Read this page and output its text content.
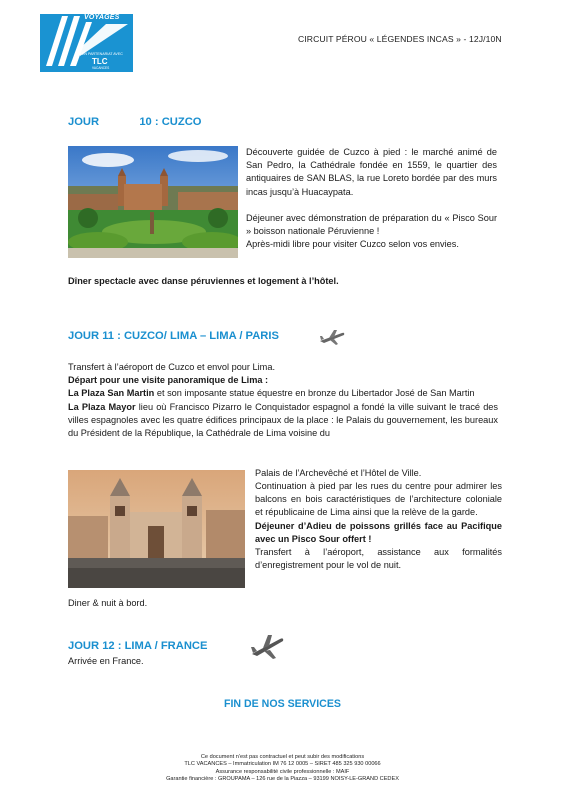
VOYAGES
EN PARTENARIAT AVEC
TLC
VACANCES
CIRCUIT PÉROU « LÉGENDES INCAS » - 12J/10N
JOUR	10 : CUZCO

Découverte guidée de Cuzco à pied : le marché animé de San Pedro, la Cathédrale fondée en 1559, le quartier des antiquaires de SAN BLAS, la rue Loreto bordée par des murs incas jusqu’à Huacaypata.

Déjeuner avec démonstration de préparation du « Pisco Sour » boisson nationale Péruvienne !

Après-midi libre pour visiter Cuzco selon vos envies.

Dîner spectacle avec danse péruviennes et logement à l’hôtel.
JOUR 11 : CUZCO/ LIMA – LIMA / PARIS

Transfert à l’aéroport de Cuzco et envol pour Lima.

Départ pour une visite panoramique de Lima :

La Plaza San Martin et son imposante statue équestre en bronze du Libertador José de San Martin

La Plaza Mayor lieu où Francisco Pizarro le Conquistador espagnol a fondé la ville suivant le tracé des villes espagnoles avec les quatre édifices principaux de la place : le Palais du gouvernement, les bureaux du Président de la République, la Cathédrale de Lima voisine du

Palais de l’Archevêché et l’Hôtel de Ville.

Continuation à pied par les rues du centre pour admirer les balcons en bois caractéristiques de l’architecture coloniale et républicaine de Lima ainsi que la relève de la garde.

Déjeuner d’Adieu de poissons grillés face au Pacifique avec un Pisco Sour offert !

Transfert à l’aéroport, assistance aux formalités d’enregistrement pour le vol de nuit.

Diner & nuit à bord.
JOUR 12 : LIMA / FRANCE
Arrivée en France.
FIN DE NOS SERVICES
Ce document n’est pas contractuel et peut subir des modifications
TLC VACANCES – Immatriculation IM 76 12 0005 – SIRET 485 325 930 00066
Assurance responsabilité civile professionnelle : MAIF
Garantie financière : GROUPAMA – 126 rue de la Piazza – 93199 NOISY-LE-GRAND CEDEX
